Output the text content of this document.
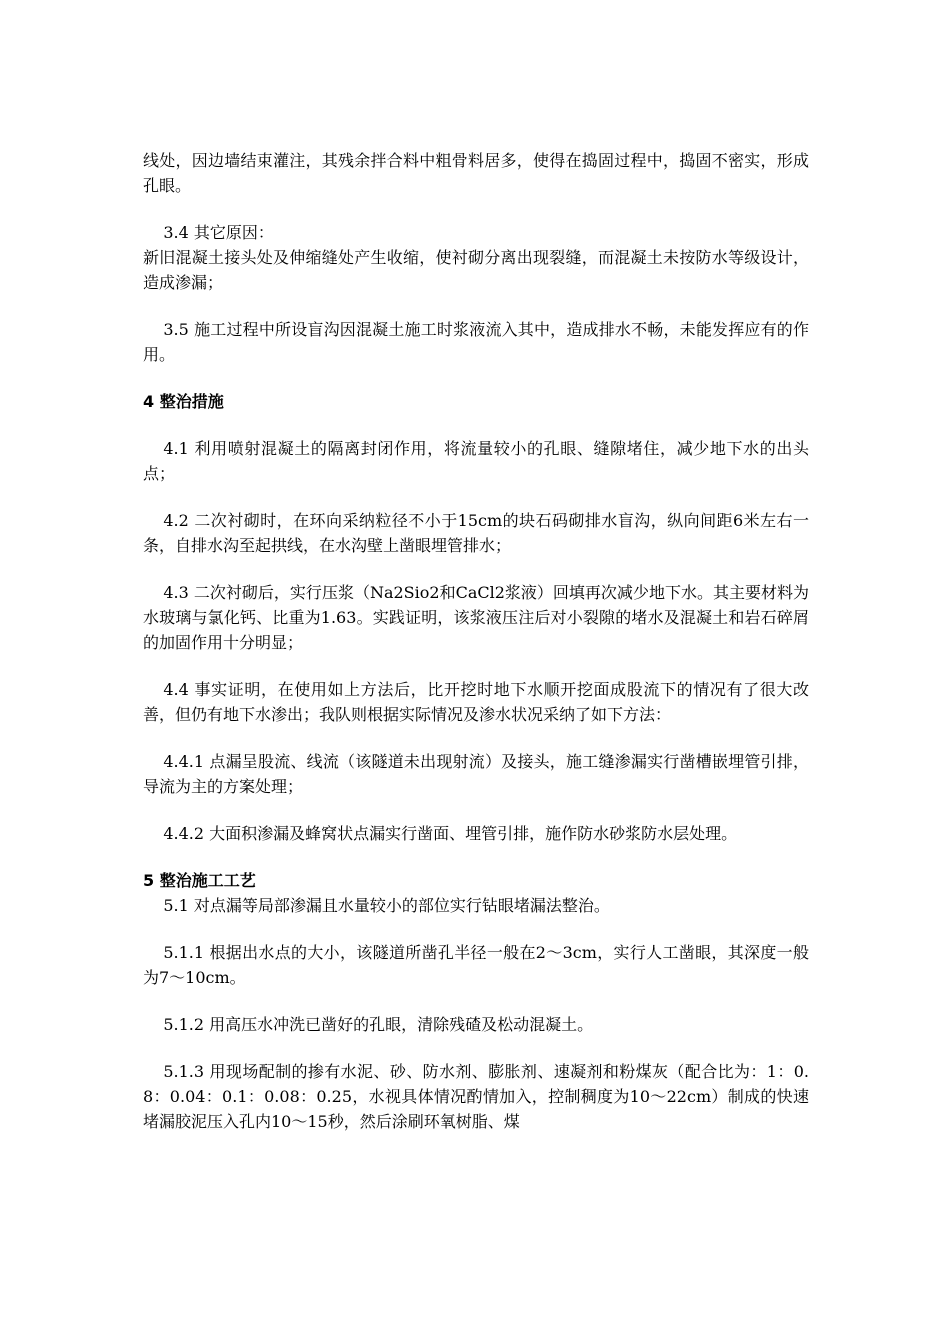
线处，因边墙结束灌注，其残余拌合料中粗骨料居多，使得在捣固过程中，捣固不密实，形成孔眼。

3.4 其它原因：

新旧混凝土接头处及伸缩缝处产生收缩，使衬砌分离出现裂缝，而混凝土未按防水等级设计，造成渗漏；

3.5 施工过程中所设盲沟因混凝土施工时浆液流入其中，造成排水不畅，未能发挥应有的作用。

4 整治措施

4.1 利用喷射混凝土的隔离封闭作用，将流量较小的孔眼、缝隙堵住，减少地下水的出头点；

4.2 二次衬砌时，在环向采纳粒径不小于15cm的块石码砌排水盲沟，纵向间距6米左右一条，自排水沟至起拱线，在水沟壁上凿眼埋管排水；

4.3 二次衬砌后，实行压浆（Na2Sio2和CaCl2浆液）回填再次减少地下水。其主要材料为水玻璃与氯化钙、比重为1.63。实践证明，该浆液压注后对小裂隙的堵水及混凝土和岩石碎屑的加固作用十分明显；

4.4 事实证明，在使用如上方法后，比开挖时地下水顺开挖面成股流下的情况有了很大改善，但仍有地下水渗出；我队则根据实际情况及渗水状况采纳了如下方法：

4.4.1 点漏呈股流、线流（该隧道未出现射流）及接头，施工缝渗漏实行凿槽嵌埋管引排，导流为主的方案处理；

4.4.2 大面积渗漏及蜂窝状点漏实行凿面、埋管引排，施作防水砂浆防水层处理。

5 整治施工工艺

5.1 对点漏等局部渗漏且水量较小的部位实行钻眼堵漏法整治。

5.1.1 根据出水点的大小，该隧道所凿孔半径一般在2～3cm，实行人工凿眼，其深度一般为7～10cm。

5.1.2 用高压水冲洗已凿好的孔眼，清除残碴及松动混凝土。

5.1.3 用现场配制的掺有水泥、砂、防水剂、膨胀剂、速凝剂和粉煤灰（配合比为：1：0.8：0.04：0.1：0.08：0.25，水视具体情况酌情加入，控制稠度为10～22cm）制成的快速堵漏胶泥压入孔内10～15秒，然后涂刷环氧树脂、煤
